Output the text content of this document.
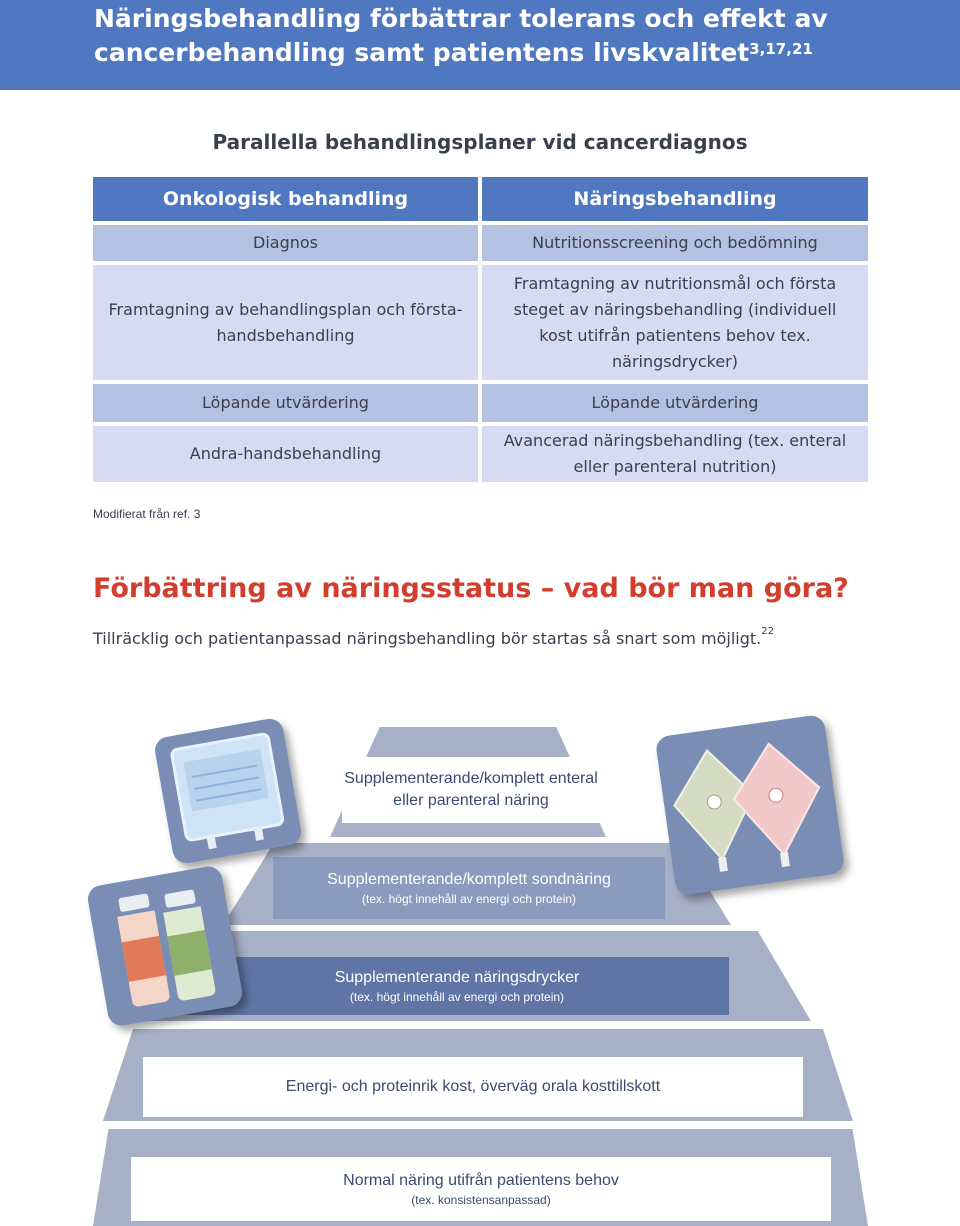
Näringsbehandling förbättrar tolerans och effekt av cancerbehandling samt patientens livskvalitet$^{3,17,21}$
Parallella behandlingsplaner vid cancerdiagnos
Onkologisk behandling
Diagnos
Framtagning av behandlingsplan och första-handsbehandling
Löpande utvärdering
Andra-handsbehandling
Näringsbehandling
Nutritionsscreening och bedömning
Framtagning av nutritionsmål och första steget av näringsbehandling (individuell kost utifrån patientens behov tex. näringsdrycker)
Löpande utvärdering
Avancerad näringsbehandling (tex. enteral eller parenteral nutrition)
Modifierat från ref. 3
Förbättring av näringsstatus – vad bör man göra?
Tillräcklig och patientanpassad näringsbehandling bör startas så snart som möjligt.$^{22}$
Supplementerande/komplett enteral eller parenteral näring
Supplementerande/komplett sondnäring
(tex. högt innehåll av energi och protein)
Supplementerande näringsdrycker
(tex. högt innehåll av energi och protein)
Energi- och proteinrik kost, överväg orala kosttillskott
Normal näring utifrån patientens behov
(tex. konsistensanpassad)
